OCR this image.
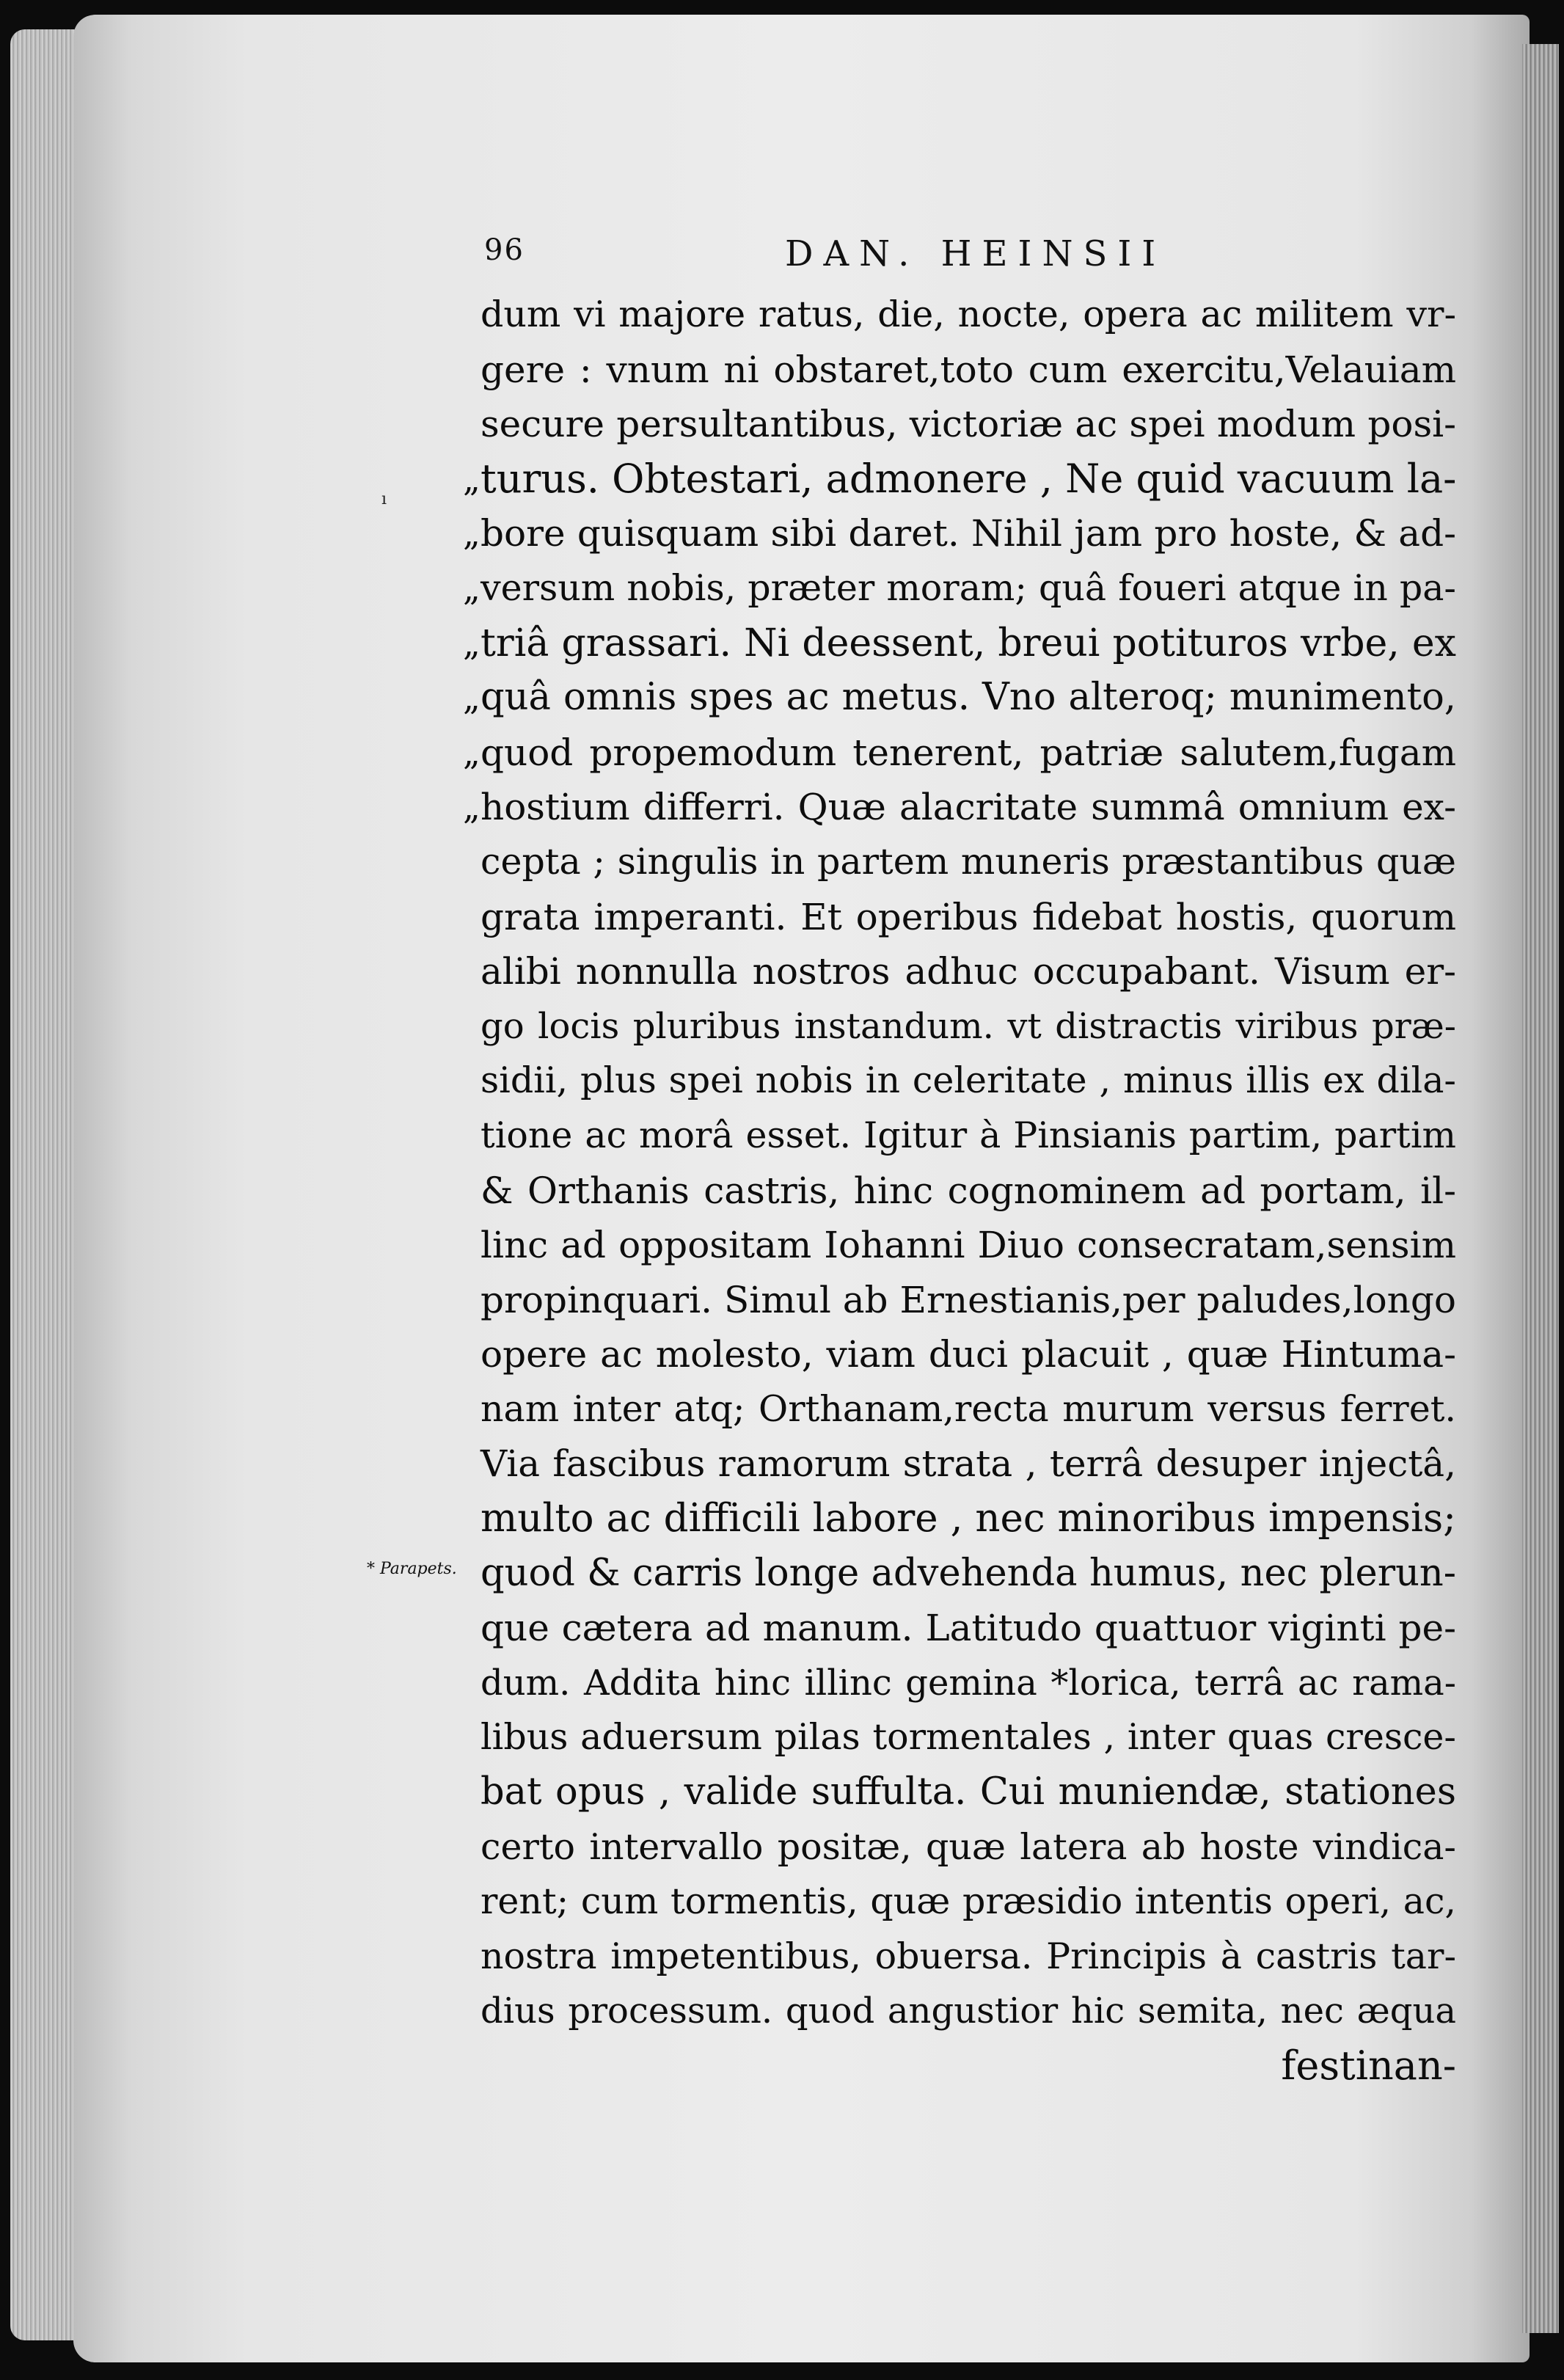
96	DAN. HEINSII
ı
* Parapets.
dum vi majore ratus, die, nocte, opera ac militem vr-
gere : vnum ni obstaret,toto cum exercitu,Velauiam
secure persultantibus, victoriæ ac spei modum posi-
„ turus. Obtestari, admonere , Ne quid vacuum la-
„ bore quisquam sibi daret. Nihil jam pro hoste, & ad-
„ versum nobis, præter moram; quâ foueri atque in pa-
„ triâ grassari. Ni deessent, breui potituros vrbe, ex
„ quâ omnis spes ac metus. Vno alteroq; munimento,
„ quod propemodum tenerent, patriæ salutem,fugam
„ hostium differri. Quæ alacritate summâ omnium ex-
cepta ; singulis in partem muneris præstantibus quæ
grata imperanti. Et operibus fidebat hostis, quorum
alibi nonnulla nostros adhuc occupabant. Visum er-
go locis pluribus instandum. vt distractis viribus præ-
sidii, plus spei nobis in celeritate , minus illis ex dila-
tione ac morâ esset. Igitur à Pinsianis partim, partim
& Orthanis castris, hinc cognominem ad portam, il-
linc ad oppositam Iohanni Diuo consecratam,sensim
propinquari. Simul ab Ernestianis,per paludes,longo
opere ac molesto, viam duci placuit , quæ Hintuma-
nam inter atq; Orthanam,recta murum versus ferret.
Via fascibus ramorum strata , terrâ desuper injectâ,
multo ac difficili labore , nec minoribus impensis;
quod & carris longe advehenda humus, nec plerun-
que cætera ad manum. Latitudo quattuor viginti pe-
dum. Addita hinc illinc gemina *lorica, terrâ ac rama-
libus aduersum pilas tormentales , inter quas cresce-
bat opus , valide suffulta. Cui muniendæ, stationes
certo intervallo positæ, quæ latera ab hoste vindica-
rent; cum tormentis, quæ præsidio intentis operi, ac,
nostra impetentibus, obuersa. Principis à castris tar-
dius processum. quod angustior hic semita, nec æqua
festinan-
